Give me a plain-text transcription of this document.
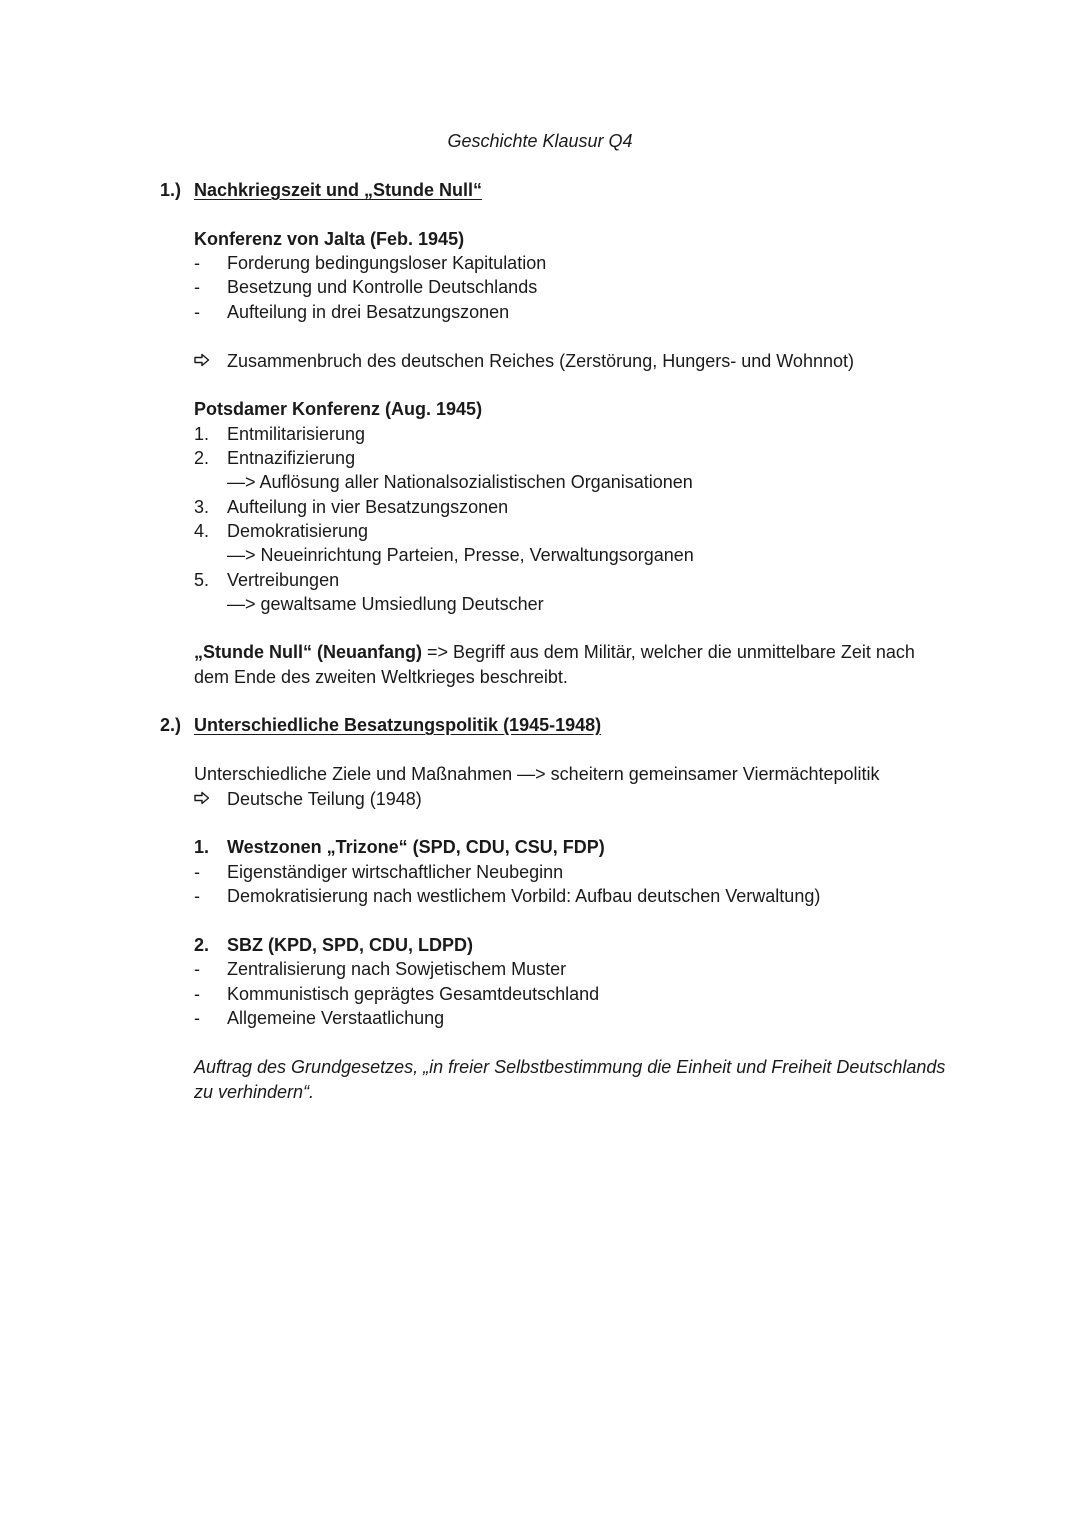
Geschichte Klausur Q4
1.) Nachkriegszeit und „Stunde Null“
Konferenz von Jalta (Feb. 1945)
- Forderung bedingungsloser Kapitulation
- Besetzung und Kontrolle Deutschlands
- Aufteilung in drei Besatzungszonen
Zusammenbruch des deutschen Reiches (Zerstörung, Hungers- und Wohnnot)
Potsdamer Konferenz (Aug. 1945)
1. Entmilitarisierung
2. Entnazifizierung
—> Auflösung aller Nationalsozialistischen Organisationen
3. Aufteilung in vier Besatzungszonen
4. Demokratisierung
—> Neueinrichtung Parteien, Presse, Verwaltungsorganen
5. Vertreibungen
—> gewaltsame Umsiedlung Deutscher
„Stunde Null“ (Neuanfang) => Begriff aus dem Militär, welcher die unmittelbare Zeit nach dem Ende des zweiten Weltkrieges beschreibt.
2.) Unterschiedliche Besatzungspolitik (1945-1948)
Unterschiedliche Ziele und Maßnahmen —> scheitern gemeinsamer Viermächtepolitik
Deutsche Teilung (1948)
1. Westzonen „Trizone“ (SPD, CDU, CSU, FDP)
- Eigenständiger wirtschaftlicher Neubeginn
- Demokratisierung nach westlichem Vorbild: Aufbau deutschen Verwaltung)
2. SBZ (KPD, SPD, CDU, LDPD)
- Zentralisierung nach Sowjetischem Muster
- Kommunistisch geprägtes Gesamtdeutschland
- Allgemeine Verstaatlichung
Auftrag des Grundgesetzes, „in freier Selbstbestimmung die Einheit und Freiheit Deutschlands zu verhindern“.
